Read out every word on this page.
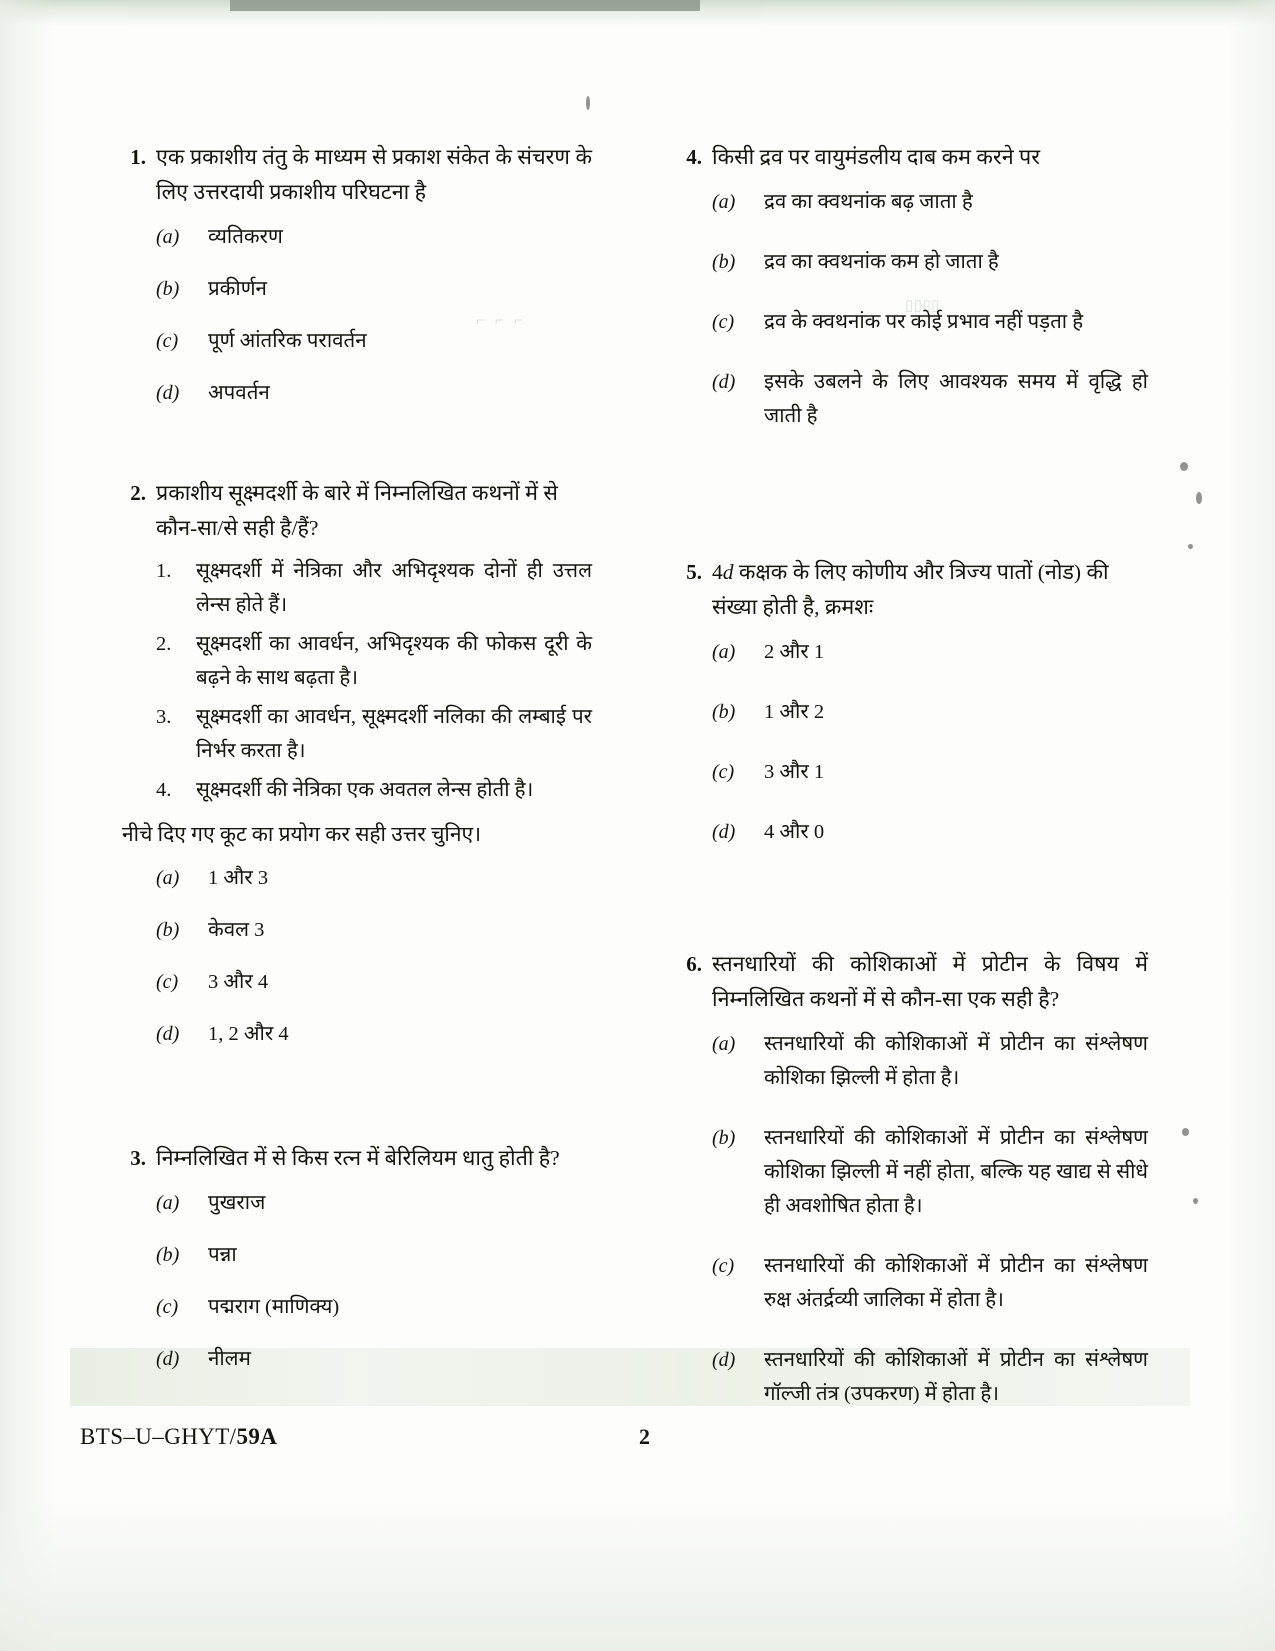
⌐ ⌐ ⌐
▯▯▯▯
1. एक प्रकाशीय तंतु के माध्यम से प्रकाश संकेत के संचरण के लिए उत्तरदायी प्रकाशीय परिघटना है
(a)	व्यतिकरण
(b)	प्रकीर्णन
(c)	पूर्ण आंतरिक परावर्तन
(d)	अपवर्तन
2. प्रकाशीय सूक्ष्मदर्शी के बारे में निम्नलिखित कथनों में से कौन-सा/से सही है/हैं?
1.	सूक्ष्मदर्शी में नेत्रिका और अभिदृश्यक दोनों ही उत्तल लेन्स होते हैं।
2.	सूक्ष्मदर्शी का आवर्धन, अभिदृश्यक की फोकस दूरी के बढ़ने के साथ बढ़ता है।
3.	सूक्ष्मदर्शी का आवर्धन, सूक्ष्मदर्शी नलिका की लम्बाई पर निर्भर करता है।
4.	सूक्ष्मदर्शी की नेत्रिका एक अवतल लेन्स होती है।
नीचे दिए गए कूट का प्रयोग कर सही उत्तर चुनिए।
(a)	1 और 3
(b)	केवल 3
(c)	3 और 4
(d)	1, 2 और 4
3. निम्नलिखित में से किस रत्न में बेरिलियम धातु होती है?
(a)	पुखराज
(b)	पन्ना
(c)	पद्मराग (माणिक्य)
(d)	नीलम
4. किसी द्रव पर वायुमंडलीय दाब कम करने पर
(a)	द्रव का क्वथनांक बढ़ जाता है
(b)	द्रव का क्वथनांक कम हो जाता है
(c)	द्रव के क्वथनांक पर कोई प्रभाव नहीं पड़ता है
(d)	इसके उबलने के लिए आवश्यक समय में वृद्धि हो जाती है
5. 4d कक्षक के लिए कोणीय और त्रिज्य पातों (नोड) की संख्या होती है, क्रमशः
(a)	2 और 1
(b)	1 और 2
(c)	3 और 1
(d)	4 और 0
6. स्तनधारियों की कोशिकाओं में प्रोटीन के विषय में निम्नलिखित कथनों में से कौन-सा एक सही है?
(a)	स्तनधारियों की कोशिकाओं में प्रोटीन का संश्लेषण कोशिका झिल्ली में होता है।
(b)	स्तनधारियों की कोशिकाओं में प्रोटीन का संश्लेषण कोशिका झिल्ली में नहीं होता, बल्कि यह खाद्य से सीधे ही अवशोषित होता है।
(c)	स्तनधारियों की कोशिकाओं में प्रोटीन का संश्लेषण रुक्ष अंतर्द्रव्यी जालिका में होता है।
(d)	स्तनधारियों की कोशिकाओं में प्रोटीन का संश्लेषण गॉल्जी तंत्र (उपकरण) में होता है।
BTS–U–GHYT/59A	2
